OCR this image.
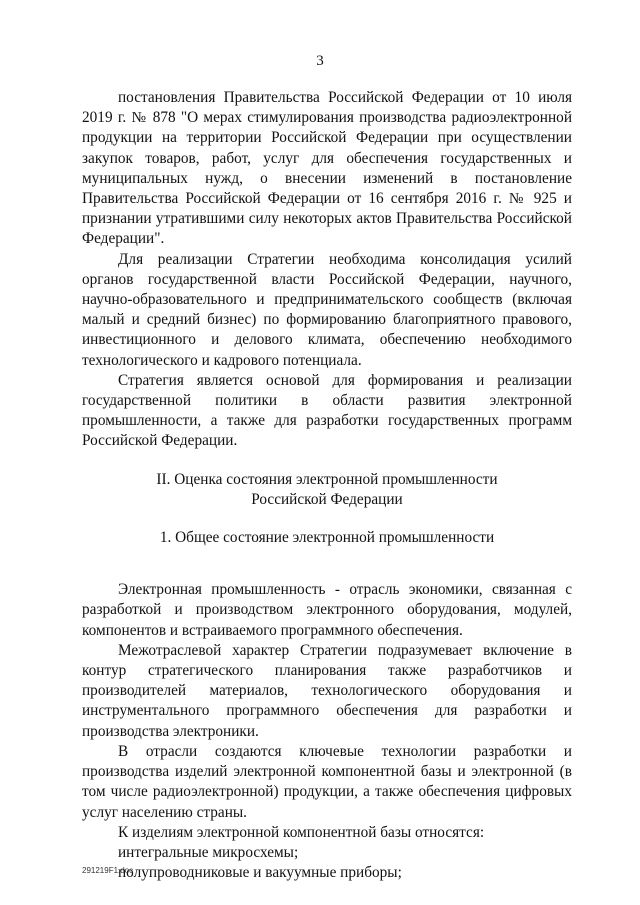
3

постановления Правительства Российской Федерации от 10 июля 2019 г. № 878 "О мерах стимулирования производства радиоэлектронной продукции на территории Российской Федерации при осуществлении закупок товаров, работ, услуг для обеспечения государственных и муниципальных нужд, о внесении изменений в постановление Правительства Российской Федерации от 16 сентября 2016 г. № 925 и признании утратившими силу некоторых актов Правительства Российской Федерации".

Для реализации Стратегии необходима консолидация усилий органов государственной власти Российской Федерации, научного, научно-образовательного и предпринимательского сообществ (включая малый и средний бизнес) по формированию благоприятного правового, инвестиционного и делового климата, обеспечению необходимого технологического и кадрового потенциала.

Стратегия является основой для формирования и реализации государственной политики в области развития электронной промышленности, а также для разработки государственных программ Российской Федерации.

II. Оценка состояния электронной промышленности

Российской Федерации

1. Общее состояние электронной промышленности

Электронная промышленность - отрасль экономики, связанная с разработкой и производством электронного оборудования, модулей, компонентов и встраиваемого программного обеспечения.

Межотраслевой характер Стратегии подразумевает включение в контур стратегического планирования также разработчиков и производителей материалов, технологического оборудования и инструментального программного обеспечения для разработки и производства электроники.

В отрасли создаются ключевые технологии разработки и производства изделий электронной компонентной базы и электронной (в том числе радиоэлектронной) продукции, а также обеспечения цифровых услуг населению страны.

К изделиям электронной компонентной базы относятся:

интегральные микросхемы;

полупроводниковые и вакуумные приборы;

291219F1.doc
